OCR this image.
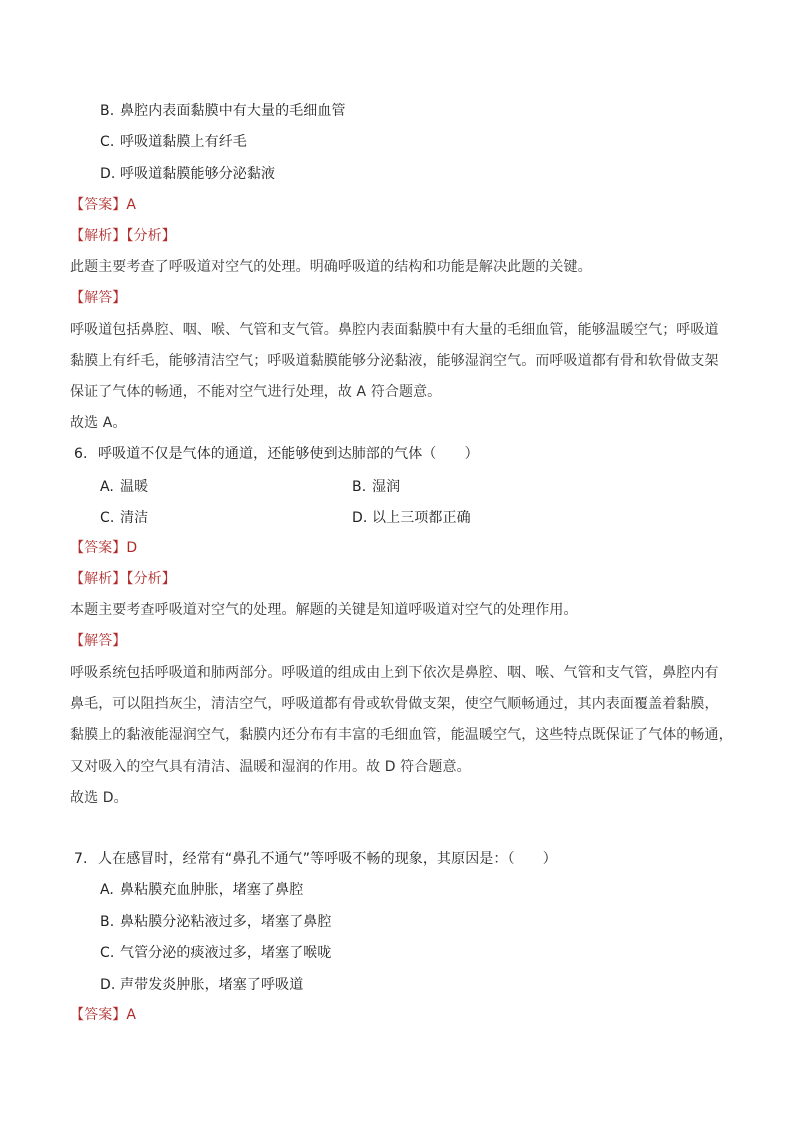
B. 鼻腔内表面黏膜中有大量的毛细血管
C. 呼吸道黏膜上有纤毛
D. 呼吸道黏膜能够分泌黏液
【答案】A
【解析】【分析】
此题主要考查了呼吸道对空气的处理。明确呼吸道的结构和功能是解决此题的关键。
【解答】
呼吸道包括鼻腔、咽、喉、气管和支气管。鼻腔内表面黏膜中有大量的毛细血管，能够温暖空气；呼吸道
黏膜上有纤毛，能够清洁空气；呼吸道黏膜能够分泌黏液，能够湿润空气。而呼吸道都有骨和软骨做支架
保证了气体的畅通，不能对空气进行处理，故 A 符合题意。
故选 A。
6. 呼吸道不仅是气体的通道，还能够使到达肺部的气体（　　）
A. 温暖	B. 湿润
C. 清洁	D. 以上三项都正确
【答案】D
【解析】【分析】
本题主要考查呼吸道对空气的处理。解题的关键是知道呼吸道对空气的处理作用。
【解答】
呼吸系统包括呼吸道和肺两部分。呼吸道的组成由上到下依次是鼻腔、咽、喉、气管和支气管，鼻腔内有
鼻毛，可以阻挡灰尘，清洁空气，呼吸道都有骨或软骨做支架，使空气顺畅通过，其内表面覆盖着黏膜，
黏膜上的黏液能湿润空气，黏膜内还分布有丰富的毛细血管，能温暖空气，这些特点既保证了气体的畅通，
又对吸入的空气具有清洁、温暖和湿润的作用。故 D 符合题意。
故选 D。
7. 人在感冒时，经常有“鼻孔不通气”等呼吸不畅的现象，其原因是：（　　）
A. 鼻粘膜充血肿胀，堵塞了鼻腔
B. 鼻粘膜分泌粘液过多，堵塞了鼻腔
C. 气管分泌的痰液过多，堵塞了喉咙
D. 声带发炎肿胀，堵塞了呼吸道
【答案】A
